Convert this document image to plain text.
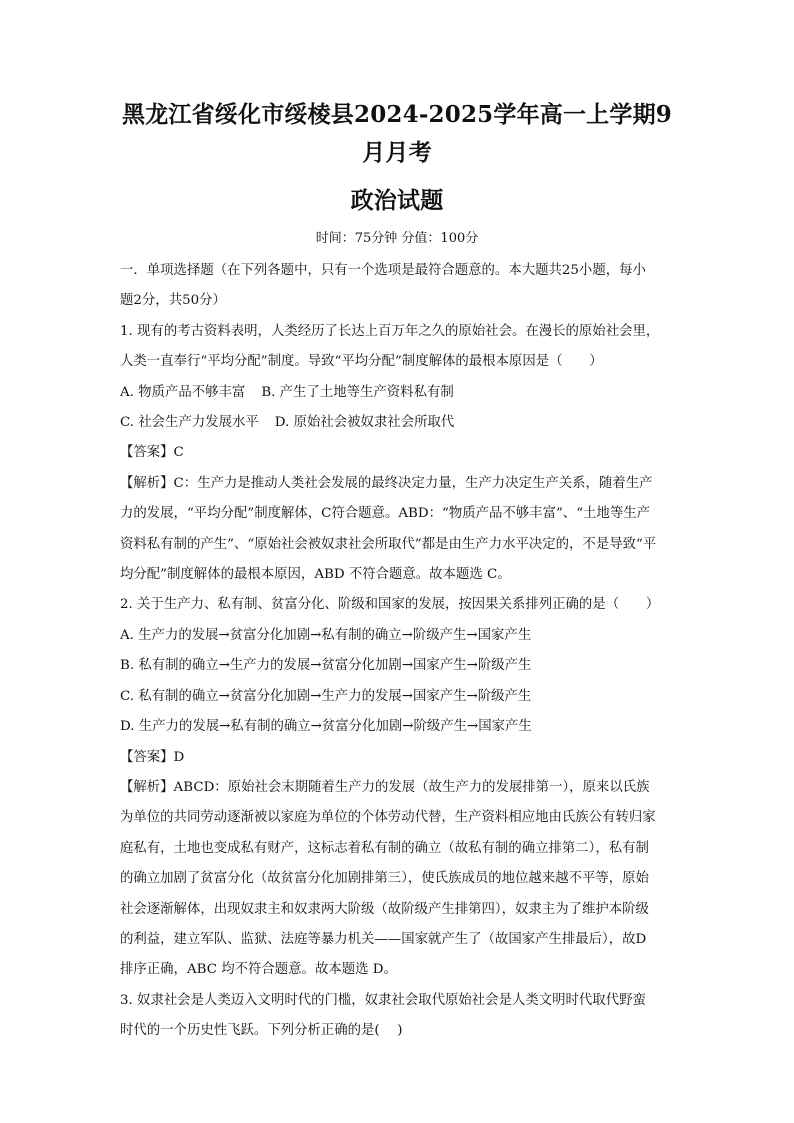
黑龙江省绥化市绥棱县2024-2025学年高一上学期9月月考
政治试题
时间：75分钟 分值：100分

一．单项选择题（在下列各题中，只有一个选项是最符合题意的。本大题共25小题，每小

题2分，共50分）

1. 现有的考古资料表明，人类经历了长达上百万年之久的原始社会。在漫长的原始社会里，

人类一直奉行“平均分配”制度。导致“平均分配”制度解体的最根本原因是（　　）

A. 物质产品不够丰富 B. 产生了土地等生产资料私有制

C. 社会生产力发展水平 D. 原始社会被奴隶社会所取代

【答案】C

【解析】C：生产力是推动人类社会发展的最终决定力量，生产力决定生产关系，随着生产

力的发展，“平均分配”制度解体，C符合题意。ABD：“物质产品不够丰富”、“土地等生产

资料私有制的产生”、“原始社会被奴隶社会所取代”都是由生产力水平决定的，不是导致“平

均分配”制度解体的最根本原因，ABD 不符合题意。故本题选 C。

2. 关于生产力、私有制、贫富分化、阶级和国家的发展，按因果关系排列正确的是（　　）

A. 生产力的发展→贫富分化加剧→私有制的确立→阶级产生→国家产生

B. 私有制的确立→生产力的发展→贫富分化加剧→国家产生→阶级产生

C. 私有制的确立→贫富分化加剧→生产力的发展→国家产生→阶级产生

D. 生产力的发展→私有制的确立→贫富分化加剧→阶级产生→国家产生

【答案】D

【解析】ABCD：原始社会末期随着生产力的发展（故生产力的发展排第一），原来以氏族

为单位的共同劳动逐渐被以家庭为单位的个体劳动代替，生产资料相应地由氏族公有转归家

庭私有，土地也变成私有财产，这标志着私有制的确立（故私有制的确立排第二），私有制

的确立加剧了贫富分化（故贫富分化加剧排第三），使氏族成员的地位越来越不平等，原始

社会逐渐解体，出现奴隶主和奴隶两大阶级（故阶级产生排第四），奴隶主为了维护本阶级

的利益，建立军队、监狱、法庭等暴力机关——国家就产生了（故国家产生排最后），故D

排序正确，ABC 均不符合题意。故本题选 D。

3. 奴隶社会是人类迈入文明时代的门槛，奴隶社会取代原始社会是人类文明时代取代野蛮

时代的一个历史性飞跃。下列分析正确的是(　 )
